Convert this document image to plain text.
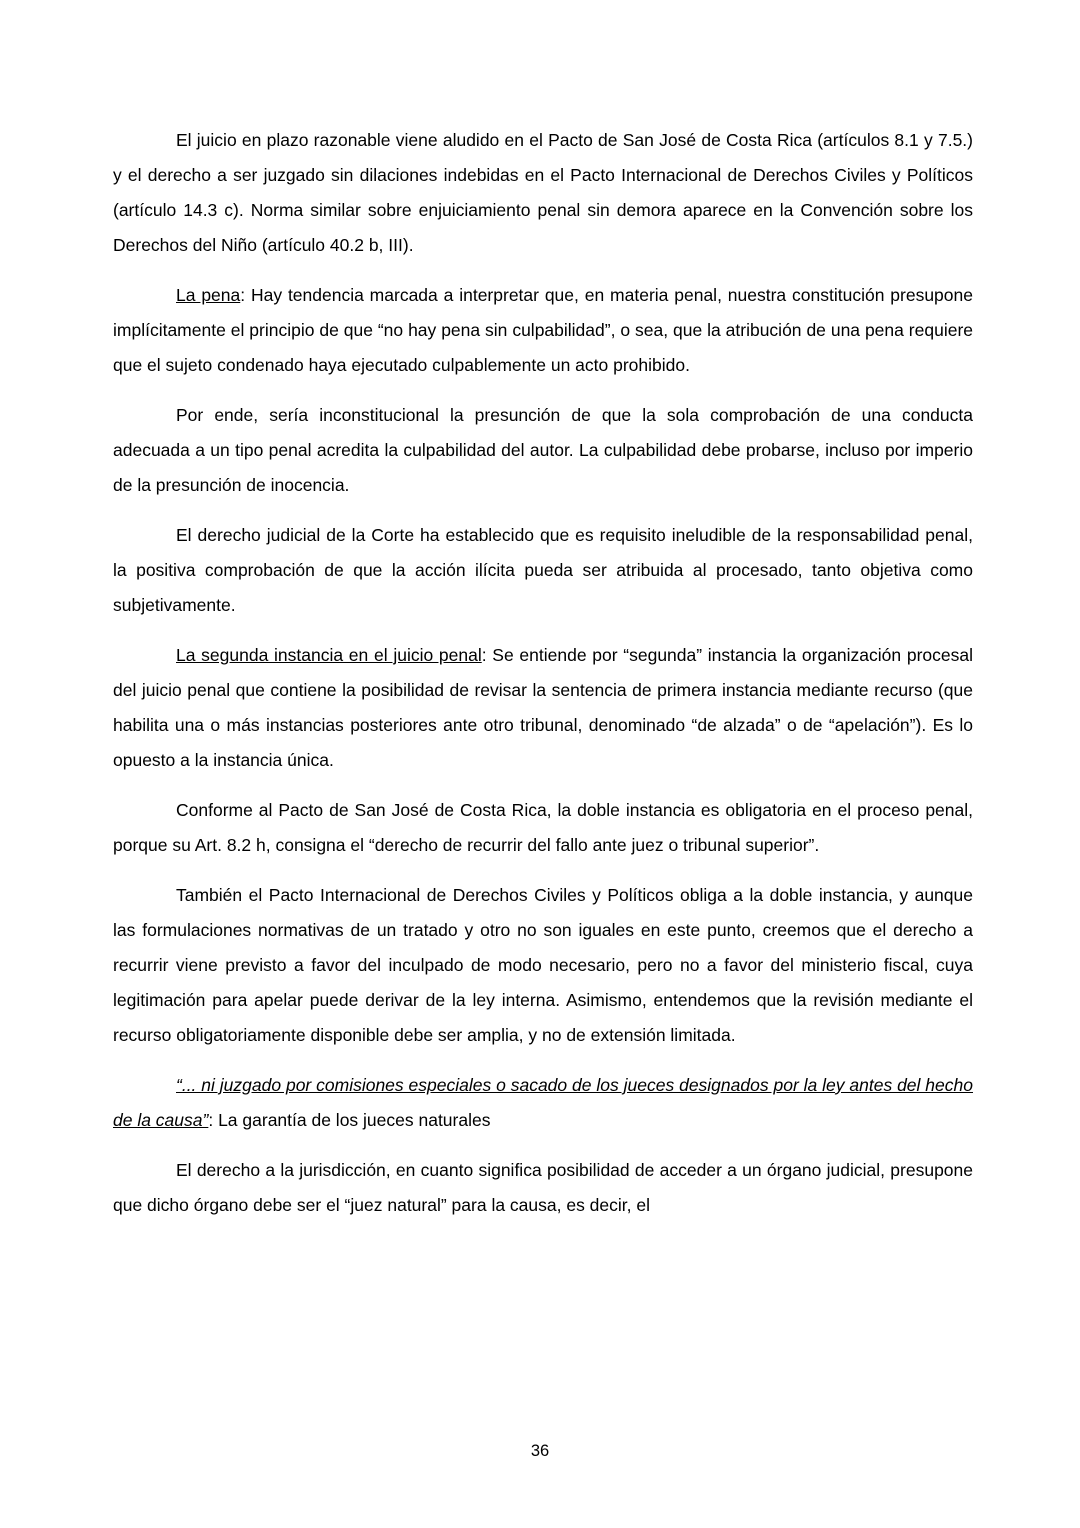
El juicio en plazo razonable viene aludido en el Pacto de San José de Costa Rica (artículos 8.1 y 7.5.) y el derecho a ser juzgado sin dilaciones indebidas en el Pacto Internacional de Derechos Civiles y Políticos (artículo 14.3 c). Norma similar sobre enjuiciamiento penal sin demora aparece en la Convención sobre los Derechos del Niño (artículo 40.2 b, III).

La pena: Hay tendencia marcada a interpretar que, en materia penal, nuestra constitución presupone implícitamente el principio de que “no hay pena sin culpabilidad”, o sea, que la atribución de una pena requiere que el sujeto condenado haya ejecutado culpablemente un acto prohibido.

Por ende, sería inconstitucional la presunción de que la sola comprobación de una conducta adecuada a un tipo penal acredita la culpabilidad del autor. La culpabilidad debe probarse, incluso por imperio de la presunción de inocencia.

El derecho judicial de la Corte ha establecido que es requisito ineludible de la responsabilidad penal, la positiva comprobación de que la acción ilícita pueda ser atribuida al procesado, tanto objetiva como subjetivamente.

La segunda instancia en el juicio penal: Se entiende por “segunda” instancia la organización procesal del juicio penal que contiene la posibilidad de revisar la sentencia de primera instancia mediante recurso (que habilita una o más instancias posteriores ante otro tribunal, denominado “de alzada” o de “apelación”). Es lo opuesto a la instancia única.

Conforme al Pacto de San José de Costa Rica, la doble instancia es obligatoria en el proceso penal, porque su Art. 8.2 h, consigna el “derecho de recurrir del fallo ante juez o tribunal superior”.

También el Pacto Internacional de Derechos Civiles y Políticos obliga a la doble instancia, y aunque las formulaciones normativas de un tratado y otro no son iguales en este punto, creemos que el derecho a recurrir viene previsto a favor del inculpado de modo necesario, pero no a favor del ministerio fiscal, cuya legitimación para apelar puede derivar de la ley interna. Asimismo, entendemos que la revisión mediante el recurso obligatoriamente disponible debe ser amplia, y no de extensión limitada.

“... ni juzgado por comisiones especiales o sacado de los jueces designados por la ley antes del hecho de la causa”: La garantía de los jueces naturales

El derecho a la jurisdicción, en cuanto significa posibilidad de acceder a un órgano judicial, presupone que dicho órgano debe ser el “juez natural” para la causa, es decir, el

36
